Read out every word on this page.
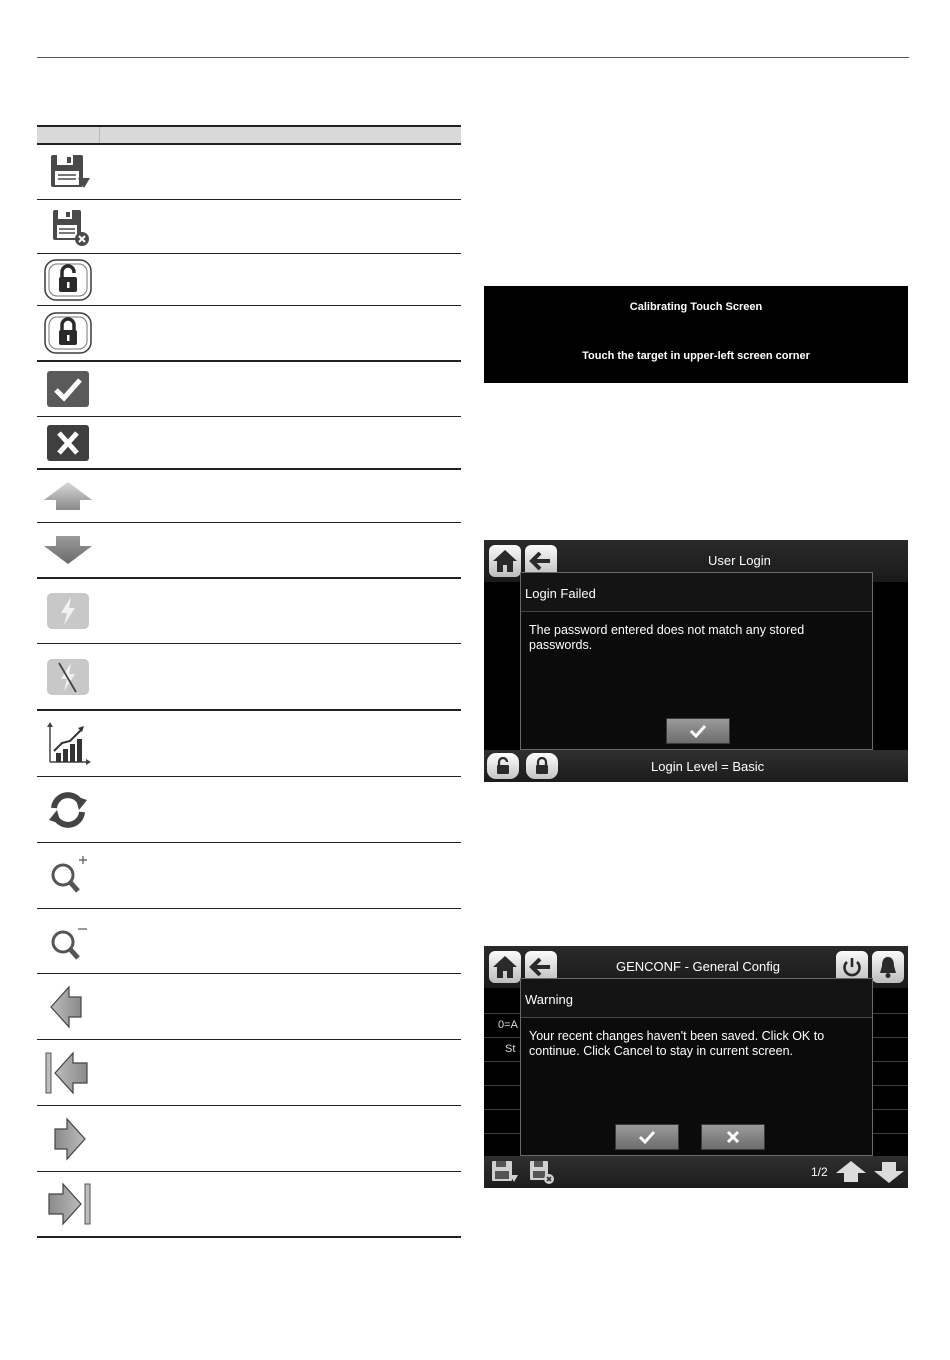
Calibrating Touch Screen
Touch the target in upper-left screen corner
User Login
Login Failed
The password entered does not match any stored passwords.
Login Level = Basic
GENCONF - General Config
0=A
St
Warning
Your recent changes haven't been saved. Click OK to continue. Click Cancel to stay in current screen.
1/2
